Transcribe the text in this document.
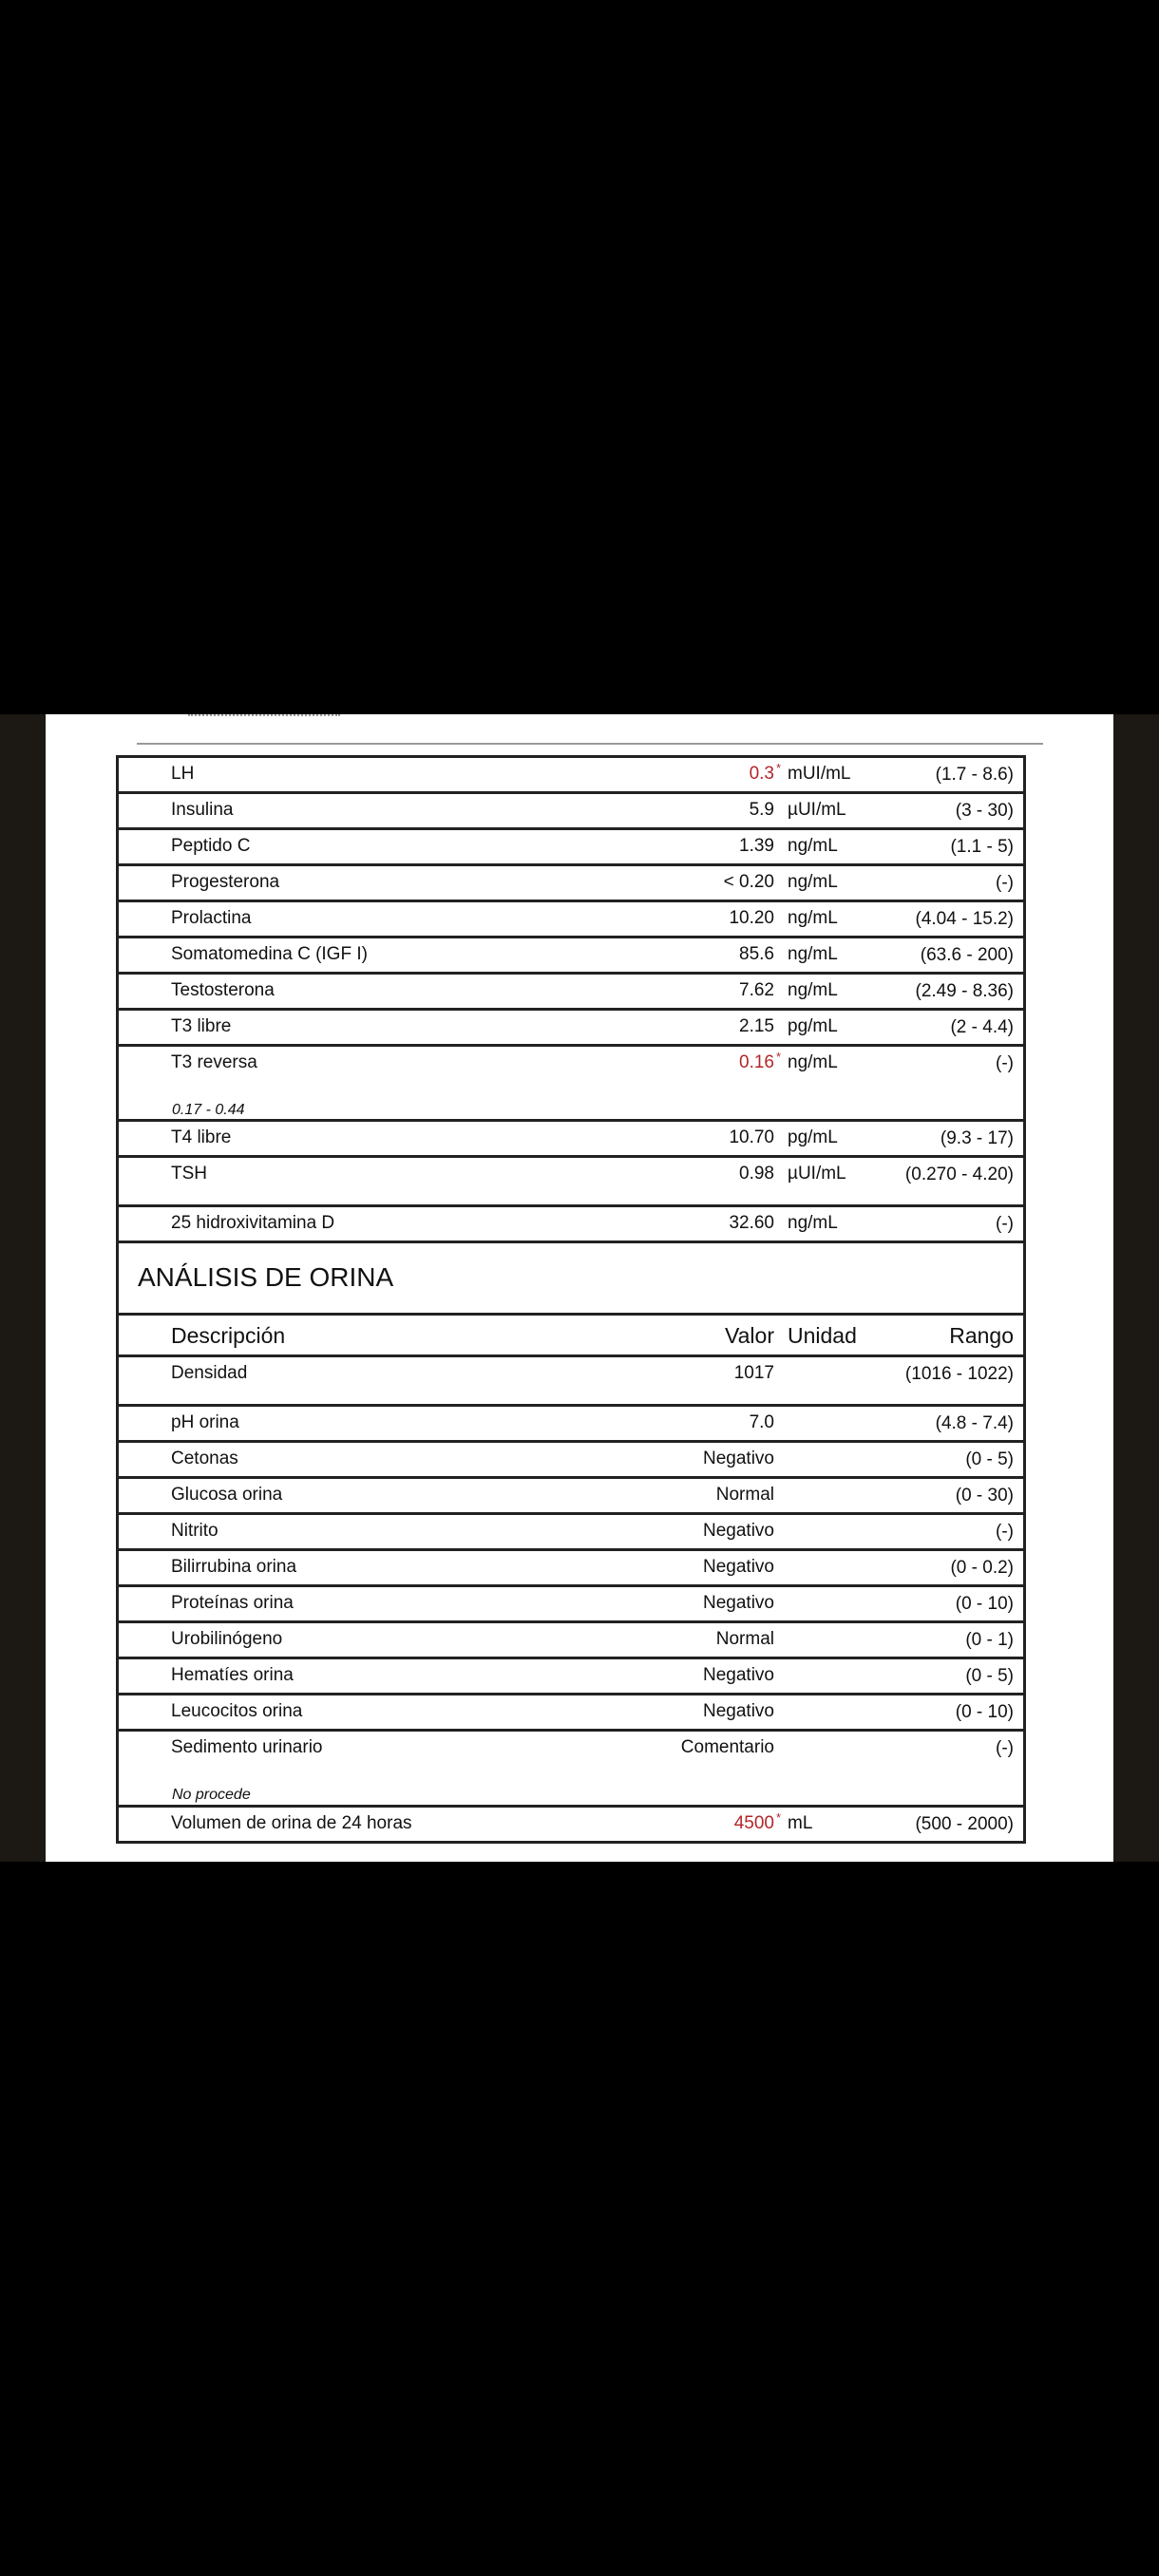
LH	0.3 * mUI/mL	(1.7 - 8.6)
Insulina	5.9 µUI/mL	(3 - 30)
Peptido C	1.39 ng/mL	(1.1 - 5)
Progesterona	< 0.20 ng/mL	(-)
Prolactina	10.20 ng/mL	(4.04 - 15.2)
Somatomedina C (IGF I)	85.6 ng/mL	(63.6 - 200)
Testosterona	7.62 ng/mL	(2.49 - 8.36)
T3 libre	2.15 pg/mL	(2 - 4.4)
T3 reversa	0.16 * ng/mL	(-)
0.17 - 0.44
T4 libre	10.70 pg/mL	(9.3 - 17)
TSH	0.98 µUI/mL	(0.270 - 4.20)
25 hidroxivitamina D	32.60 ng/mL	(-)
ANÁLISIS DE ORINA
Descripción	Valor Unidad	Rango
Densidad	1017	(1016 - 1022)
pH orina	7.0	(4.8 - 7.4)
Cetonas	Negativo	(0 - 5)
Glucosa orina	Normal	(0 - 30)
Nitrito	Negativo	(-)
Bilirrubina orina	Negativo	(0 - 0.2)
Proteínas orina	Negativo	(0 - 10)
Urobilinógeno	Normal	(0 - 1)
Hematíes orina	Negativo	(0 - 5)
Leucocitos orina	Negativo	(0 - 10)
Sedimento urinario	Comentario	(-)
No procede
Volumen de orina de 24 horas	4500 * mL	(500 - 2000)
